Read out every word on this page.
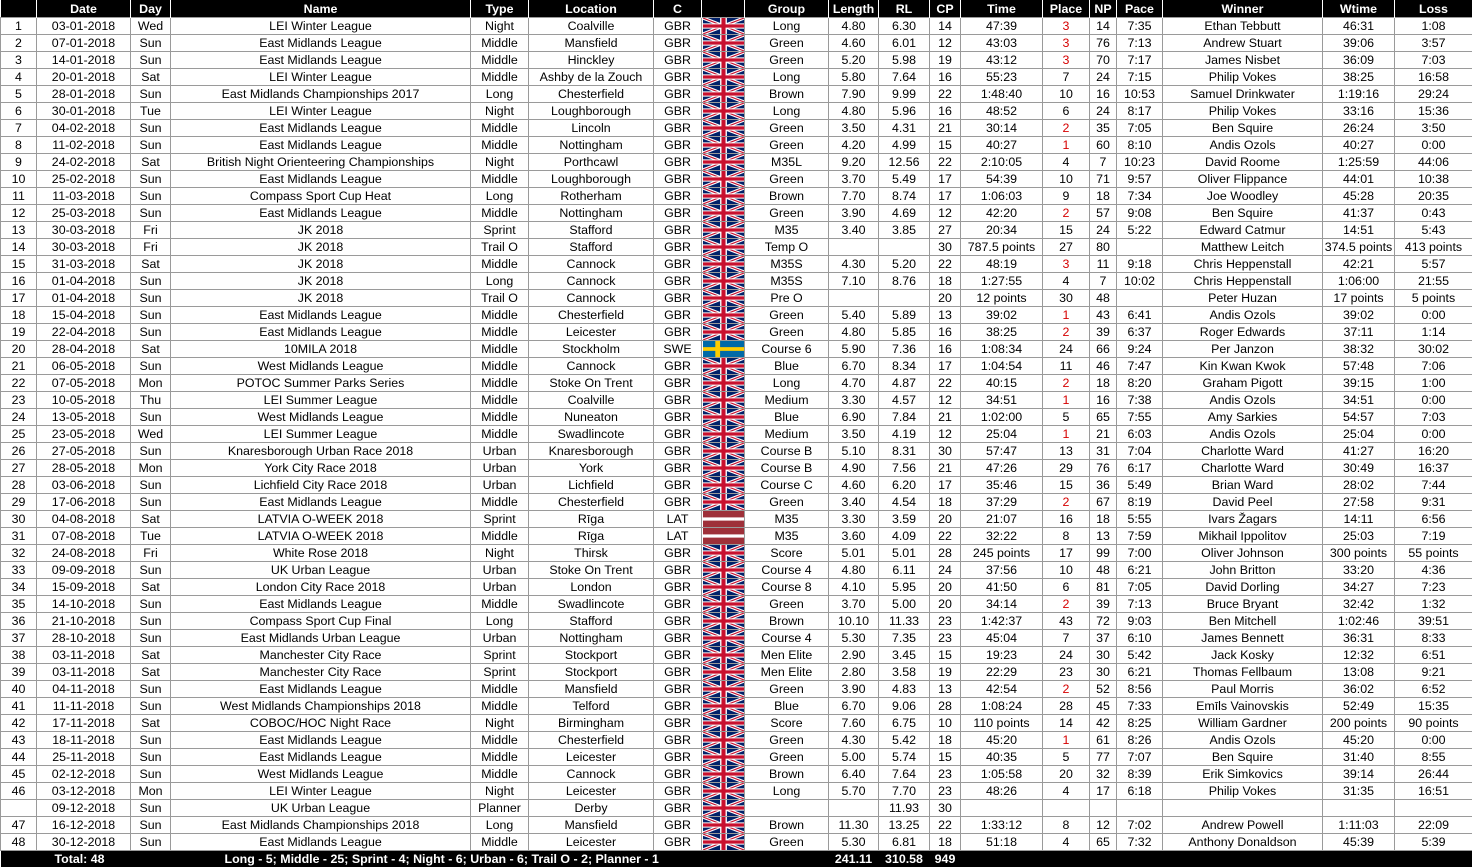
	Date	Day	Name	Type	Location	C		Group	Length	RL	CP	Time	Place	NP	Pace	Winner	Wtime	Loss
1	03-01-2018	Wed	LEI Winter League	Night	Coalville	GBR		Long	4.80	6.30	14	47:39	3	14	7:35	Ethan Tebbutt	46:31	1:08
2	07-01-2018	Sun	East Midlands League	Middle	Mansfield	GBR		Green	4.60	6.01	12	43:03	3	76	7:13	Andrew Stuart	39:06	3:57
3	14-01-2018	Sun	East Midlands League	Middle	Hinckley	GBR		Green	5.20	5.98	19	43:12	3	70	7:17	James Nisbet	36:09	7:03
4	20-01-2018	Sat	LEI Winter League	Middle	Ashby de la Zouch	GBR		Long	5.80	7.64	16	55:23	7	24	7:15	Philip Vokes	38:25	16:58
5	28-01-2018	Sun	East Midlands Championships 2017	Long	Chesterfield	GBR		Brown	7.90	9.99	22	1:48:40	10	16	10:53	Samuel Drinkwater	1:19:16	29:24
6	30-01-2018	Tue	LEI Winter League	Night	Loughborough	GBR		Long	4.80	5.96	16	48:52	6	24	8:17	Philip Vokes	33:16	15:36
7	04-02-2018	Sun	East Midlands League	Middle	Lincoln	GBR		Green	3.50	4.31	21	30:14	2	35	7:05	Ben Squire	26:24	3:50
8	11-02-2018	Sun	East Midlands League	Middle	Nottingham	GBR		Green	4.20	4.99	15	40:27	1	60	8:10	Andis Ozols	40:27	0:00
9	24-02-2018	Sat	British Night Orienteering Championships	Night	Porthcawl	GBR		M35L	9.20	12.56	22	2:10:05	4	7	10:23	David Roome	1:25:59	44:06
10	25-02-2018	Sun	East Midlands League	Middle	Loughborough	GBR		Green	3.70	5.49	17	54:39	10	71	9:57	Oliver Flippance	44:01	10:38
11	11-03-2018	Sun	Compass Sport Cup Heat	Long	Rotherham	GBR		Brown	7.70	8.74	17	1:06:03	9	18	7:34	Joe Woodley	45:28	20:35
12	25-03-2018	Sun	East Midlands League	Middle	Nottingham	GBR		Green	3.90	4.69	12	42:20	2	57	9:08	Ben Squire	41:37	0:43
13	30-03-2018	Fri	JK 2018	Sprint	Stafford	GBR		M35	3.40	3.85	27	20:34	15	24	5:22	Edward Catmur	14:51	5:43
14	30-03-2018	Fri	JK 2018	Trail O	Stafford	GBR		Temp O			30	787.5 points	27	80		Matthew Leitch	374.5 points	413 points
15	31-03-2018	Sat	JK 2018	Middle	Cannock	GBR		M35S	4.30	5.20	22	48:19	3	11	9:18	Chris Heppenstall	42:21	5:57
16	01-04-2018	Sun	JK 2018	Long	Cannock	GBR		M35S	7.10	8.76	18	1:27:55	4	7	10:02	Chris Heppenstall	1:06:00	21:55
17	01-04-2018	Sun	JK 2018	Trail O	Cannock	GBR		Pre O			20	12 points	30	48		Peter Huzan	17 points	5 points
18	15-04-2018	Sun	East Midlands League	Middle	Chesterfield	GBR		Green	5.40	5.89	13	39:02	1	43	6:41	Andis Ozols	39:02	0:00
19	22-04-2018	Sun	East Midlands League	Middle	Leicester	GBR		Green	4.80	5.85	16	38:25	2	39	6:37	Roger Edwards	37:11	1:14
20	28-04-2018	Sat	10MILA 2018	Middle	Stockholm	SWE		Course 6	5.90	7.36	16	1:08:34	24	66	9:24	Per Janzon	38:32	30:02
21	06-05-2018	Sun	West Midlands League	Middle	Cannock	GBR		Blue	6.70	8.34	17	1:04:54	11	46	7:47	Kin Kwan Kwok	57:48	7:06
22	07-05-2018	Mon	POTOC Summer Parks Series	Middle	Stoke On Trent	GBR		Long	4.70	4.87	22	40:15	2	18	8:20	Graham Pigott	39:15	1:00
23	10-05-2018	Thu	LEI Summer League	Middle	Coalville	GBR		Medium	3.30	4.57	12	34:51	1	16	7:38	Andis Ozols	34:51	0:00
24	13-05-2018	Sun	West Midlands League	Middle	Nuneaton	GBR		Blue	6.90	7.84	21	1:02:00	5	65	7:55	Amy Sarkies	54:57	7:03
25	23-05-2018	Wed	LEI Summer League	Middle	Swadlincote	GBR		Medium	3.50	4.19	12	25:04	1	21	6:03	Andis Ozols	25:04	0:00
26	27-05-2018	Sun	Knaresborough Urban Race 2018	Urban	Knaresborough	GBR		Course B	5.10	8.31	30	57:47	13	31	7:04	Charlotte Ward	41:27	16:20
27	28-05-2018	Mon	York City Race 2018	Urban	York	GBR		Course B	4.90	7.56	21	47:26	29	76	6:17	Charlotte Ward	30:49	16:37
28	03-06-2018	Sun	Lichfield City Race 2018	Urban	Lichfield	GBR		Course C	4.60	6.20	17	35:46	15	36	5:49	Brian Ward	28:02	7:44
29	17-06-2018	Sun	East Midlands League	Middle	Chesterfield	GBR		Green	3.40	4.54	18	37:29	2	67	8:19	David Peel	27:58	9:31
30	04-08-2018	Sat	LATVIA O-WEEK 2018	Sprint	Rīga	LAT		M35	3.30	3.59	20	21:07	16	18	5:55	Ivars Žagars	14:11	6:56
31	07-08-2018	Tue	LATVIA O-WEEK 2018	Middle	Rīga	LAT		M35	3.60	4.09	22	32:22	8	13	7:59	Mikhail Ippolitov	25:03	7:19
32	24-08-2018	Fri	White Rose 2018	Night	Thirsk	GBR		Score	5.01	5.01	28	245 points	17	99	7:00	Oliver Johnson	300 points	55 points
33	09-09-2018	Sun	UK Urban League	Urban	Stoke On Trent	GBR		Course 4	4.80	6.11	24	37:56	10	48	6:21	John Britton	33:20	4:36
34	15-09-2018	Sat	London City Race 2018	Urban	London	GBR		Course 8	4.10	5.95	20	41:50	6	81	7:05	David Dorling	34:27	7:23
35	14-10-2018	Sun	East Midlands League	Middle	Swadlincote	GBR		Green	3.70	5.00	20	34:14	2	39	7:13	Bruce Bryant	32:42	1:32
36	21-10-2018	Sun	Compass Sport Cup Final	Long	Stafford	GBR		Brown	10.10	11.33	23	1:42:37	43	72	9:03	Ben Mitchell	1:02:46	39:51
37	28-10-2018	Sun	East Midlands Urban League	Urban	Nottingham	GBR		Course 4	5.30	7.35	23	45:04	7	37	6:10	James Bennett	36:31	8:33
38	03-11-2018	Sat	Manchester City Race	Sprint	Stockport	GBR		Men Elite	2.90	3.45	15	19:23	24	30	5:42	Jack Kosky	12:32	6:51
39	03-11-2018	Sat	Manchester City Race	Sprint	Stockport	GBR		Men Elite	2.80	3.58	19	22:29	23	30	6:21	Thomas Fellbaum	13:08	9:21
40	04-11-2018	Sun	East Midlands League	Middle	Mansfield	GBR		Green	3.90	4.83	13	42:54	2	52	8:56	Paul Morris	36:02	6:52
41	11-11-2018	Sun	West Midlands Championships 2018	Middle	Telford	GBR		Blue	6.70	9.06	28	1:08:24	28	45	7:33	Emīls Vainovskis	52:49	15:35
42	17-11-2018	Sat	COBOC/HOC Night Race	Night	Birmingham	GBR		Score	7.60	6.75	10	110 points	14	42	8:25	William Gardner	200 points	90 points
43	18-11-2018	Sun	East Midlands League	Middle	Chesterfield	GBR		Green	4.30	5.42	18	45:20	1	61	8:26	Andis Ozols	45:20	0:00
44	25-11-2018	Sun	East Midlands League	Middle	Leicester	GBR		Green	5.00	5.74	15	40:35	5	77	7:07	Ben Squire	31:40	8:55
45	02-12-2018	Sun	West Midlands League	Middle	Cannock	GBR		Brown	6.40	7.64	23	1:05:58	20	32	8:39	Erik Simkovics	39:14	26:44
46	03-12-2018	Mon	LEI Winter League	Night	Leicester	GBR		Long	5.70	7.70	23	48:26	4	17	6:18	Philip Vokes	31:35	16:51
	09-12-2018	Sun	UK Urban League	Planner	Derby	GBR				11.93	30							
47	16-12-2018	Sun	East Midlands Championships 2018	Long	Mansfield	GBR		Brown	11.30	13.25	22	1:33:12	8	12	7:02	Andrew Powell	1:11:03	22:09
48	30-12-2018	Sun	East Midlands League	Middle	Leicester	GBR		Green	5.30	6.81	18	51:18	4	65	7:32	Anthony Donaldson	45:39	5:39
Total: 48			Long - 5; Middle - 25; Sprint - 4; Night - 6; Urban - 6; Trail O - 2; Planner - 1						241.11	310.58	949							
